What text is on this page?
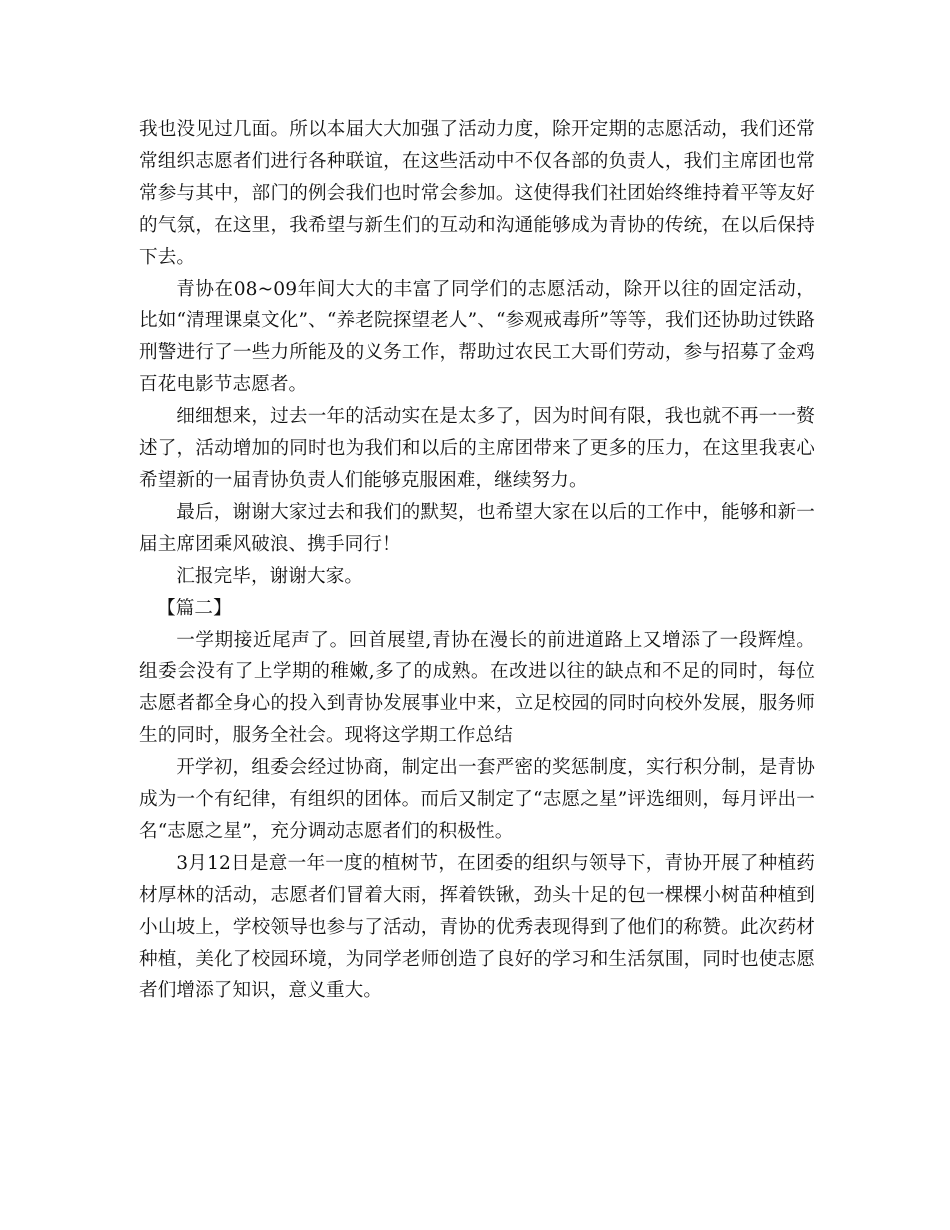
我也没见过几面。所以本届大大加强了活动力度，除开定期的志愿活动，我们还常常组织志愿者们进行各种联谊，在这些活动中不仅各部的负责人，我们主席团也常常参与其中，部门的例会我们也时常会参加。这使得我们社团始终维持着平等友好的气氛，在这里，我希望与新生们的互动和沟通能够成为青协的传统，在以后保持下去。

青协在08~09年间大大的丰富了同学们的志愿活动，除开以往的固定活动，比如“清理课桌文化”、“养老院探望老人”、“参观戒毒所”等等，我们还协助过铁路刑警进行了一些力所能及的义务工作，帮助过农民工大哥们劳动，参与招募了金鸡百花电影节志愿者。

细细想来，过去一年的活动实在是太多了，因为时间有限，我也就不再一一赘述了，活动增加的同时也为我们和以后的主席团带来了更多的压力，在这里我衷心希望新的一届青协负责人们能够克服困难，继续努力。

最后，谢谢大家过去和我们的默契，也希望大家在以后的工作中，能够和新一届主席团乘风破浪、携手同行！

汇报完毕，谢谢大家。

【篇二】

一学期接近尾声了。回首展望,青协在漫长的前进道路上又增添了一段辉煌。组委会没有了上学期的稚嫩,多了的成熟。在改进以往的缺点和不足的同时，每位志愿者都全身心的投入到青协发展事业中来，立足校园的同时向校外发展，服务师生的同时，服务全社会。现将这学期工作总结

开学初，组委会经过协商，制定出一套严密的奖惩制度，实行积分制，是青协成为一个有纪律，有组织的团体。而后又制定了“志愿之星”评选细则，每月评出一名“志愿之星”，充分调动志愿者们的积极性。

3月12日是意一年一度的植树节，在团委的组织与领导下，青协开展了种植药材厚林的活动，志愿者们冒着大雨，挥着铁锹，劲头十足的包一棵棵小树苗种植到小山坡上，学校领导也参与了活动，青协的优秀表现得到了他们的称赞。此次药材种植，美化了校园环境，为同学老师创造了良好的学习和生活氛围，同时也使志愿者们增添了知识，意义重大。
